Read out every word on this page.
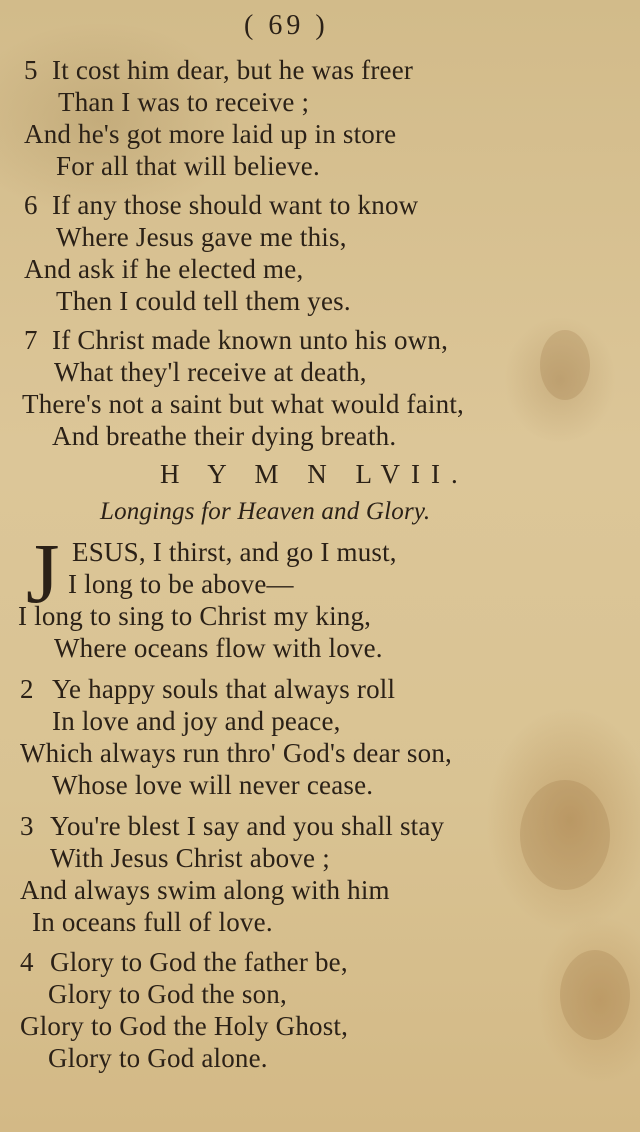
( 69 )
5 It cost him dear, but he was freer
Than I was to receive ;
And he's got more laid up in store
For all that will believe.
6 If any those should want to know
Where Jesus gave me this,
And ask if he elected me,
Then I could tell them yes.
7 If Christ made known unto his own,
What they'l receive at death,
There's not a saint but what would faint,
And breathe their dying breath.
H Y M N LVII.
Longings for Heaven and Glory.
J ESUS, I thirst, and go I must,
I long to be above—
I long to sing to Christ my king,
Where oceans flow with love.
2 Ye happy souls that always roll
In love and joy and peace,
Which always run thro' God's dear son,
Whose love will never cease.
3 You're blest I say and you shall stay
With Jesus Christ above ;
And always swim along with him
In oceans full of love.
4 Glory to God the father be,
Glory to God the son,
Glory to God the Holy Ghost,
Glory to God alone.
